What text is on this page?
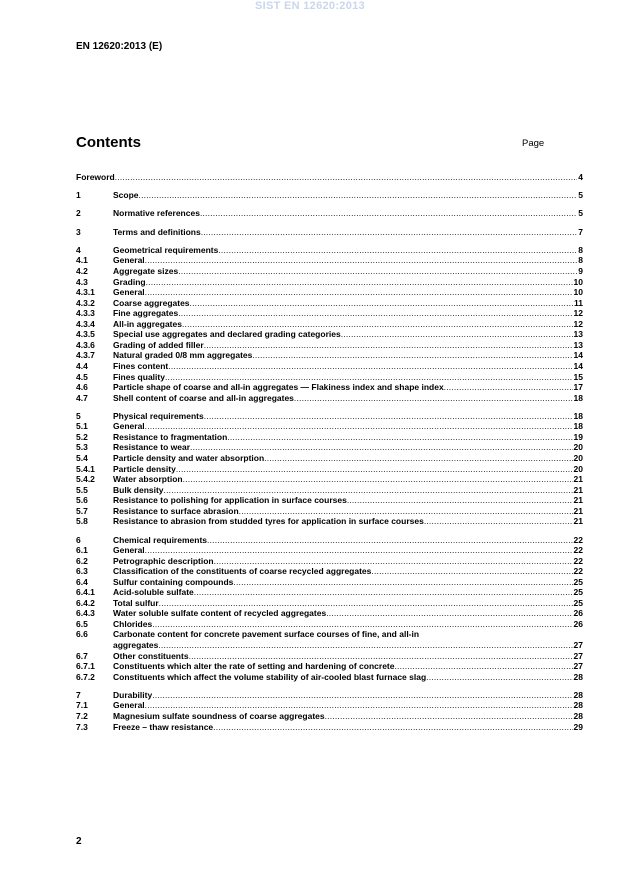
SIST EN 12620:2013
EN 12620:2013 (E)
Contents	Page
Foreword .....	4
1	Scope .....	5
2	Normative references .....	5
3	Terms and definitions .....	7
4	Geometrical requirements .....	8
4.1	General .....	8
4.2	Aggregate sizes .....	9
4.3	Grading .....	10
4.3.1	General .....	10
4.3.2	Coarse aggregates .....	11
4.3.3	Fine aggregates .....	12
4.3.4	All-in aggregates .....	12
4.3.5	Special use aggregates and declared grading categories .....	13
4.3.6	Grading of added filler .....	13
4.3.7	Natural graded 0/8 mm aggregates .....	14
4.4	Fines content .....	14
4.5	Fines quality .....	15
4.6	Particle shape of coarse and all-in aggregates — Flakiness index and shape index .....	17
4.7	Shell content of coarse and all-in aggregates .....	18
5	Physical requirements .....	18
5.1	General .....	18
5.2	Resistance to fragmentation .....	19
5.3	Resistance to wear .....	20
5.4	Particle density and water absorption .....	20
5.4.1	Particle density .....	20
5.4.2	Water absorption .....	21
5.5	Bulk density .....	21
5.6	Resistance to polishing for application in surface courses .....	21
5.7	Resistance to surface abrasion .....	21
5.8	Resistance to abrasion from studded tyres for application in surface courses .....	21
6	Chemical requirements .....	22
6.1	General .....	22
6.2	Petrographic description .....	22
6.3	Classification of the constituents of coarse recycled aggregates .....	22
6.4	Sulfur containing compounds .....	25
6.4.1	Acid-soluble sulfate .....	25
6.4.2	Total sulfur .....	25
6.4.3	Water soluble sulfate content of recycled aggregates .....	26
6.5	Chlorides .....	26
6.6	Carbonate content for concrete pavement surface courses of fine, and all-in
aggregates .....	27
6.7	Other constituents .....	27
6.7.1	Constituents which alter the rate of setting and hardening of concrete .....	27
6.7.2	Constituents which affect the volume stability of air-cooled blast furnace slag .....	28
7	Durability .....	28
7.1	General .....	28
7.2	Magnesium sulfate soundness of coarse aggregates .....	28
7.3	Freeze – thaw resistance .....	29
2
